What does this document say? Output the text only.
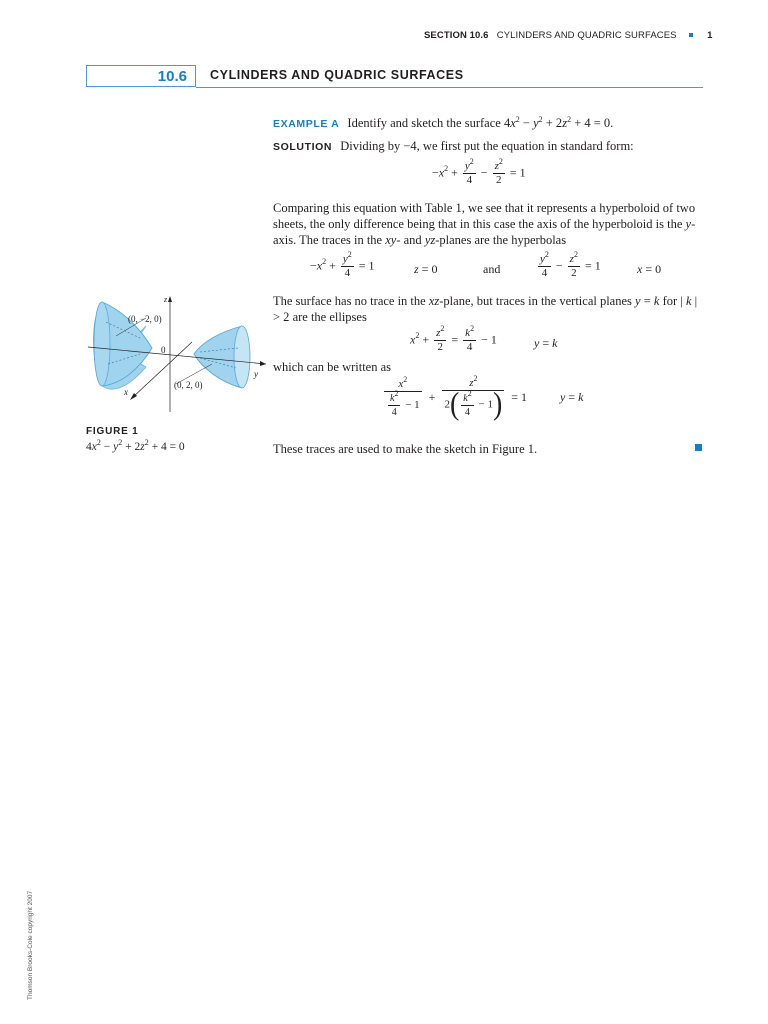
SECTION 10.6 CYLINDERS AND QUADRIC SURFACES	1
10.6	CYLINDERS AND QUADRIC SURFACES
EXAMPLE A Identify and sketch the surface $4x^2 - y^2 + 2z^2 + 4 = 0$.
SOLUTION Dividing by −4, we first put the equation in standard form:
$-x^2 + \frac{y^2}{4} - \frac{z^2}{2} = 1$
Comparing this equation with Table 1, we see that it represents a hyperboloid of two sheets, the only difference being that in this case the axis of the hyperboloid is the y-axis. The traces in the xy- and yz-planes are the hyperbolas
$-x^2 + \frac{y^2}{4} = 1$	z = 0	and	$\frac{y^2}{4} - \frac{z^2}{2} = 1$	x = 0
The surface has no trace in the xz-plane, but traces in the vertical planes y = k for | k | > 2 are the ellipses
$x^2 + \frac{z^2}{2} = \frac{k^2}{4} - 1$	y = k
which can be written as
$\frac{x^2}{\frac{k^2}{4} - 1} + \frac{z^2}{2( \frac{k^2}{4} - 1)} = 1$	y = k
These traces are used to make the sketch in Figure 1.
(0, −2, 0)
(0, 2, 0)
0
z
y
x
FIGURE 1
$4x^2 - y^2 + 2z^2 + 4 = 0$
Thomson Brooks-Cole copyright 2007
